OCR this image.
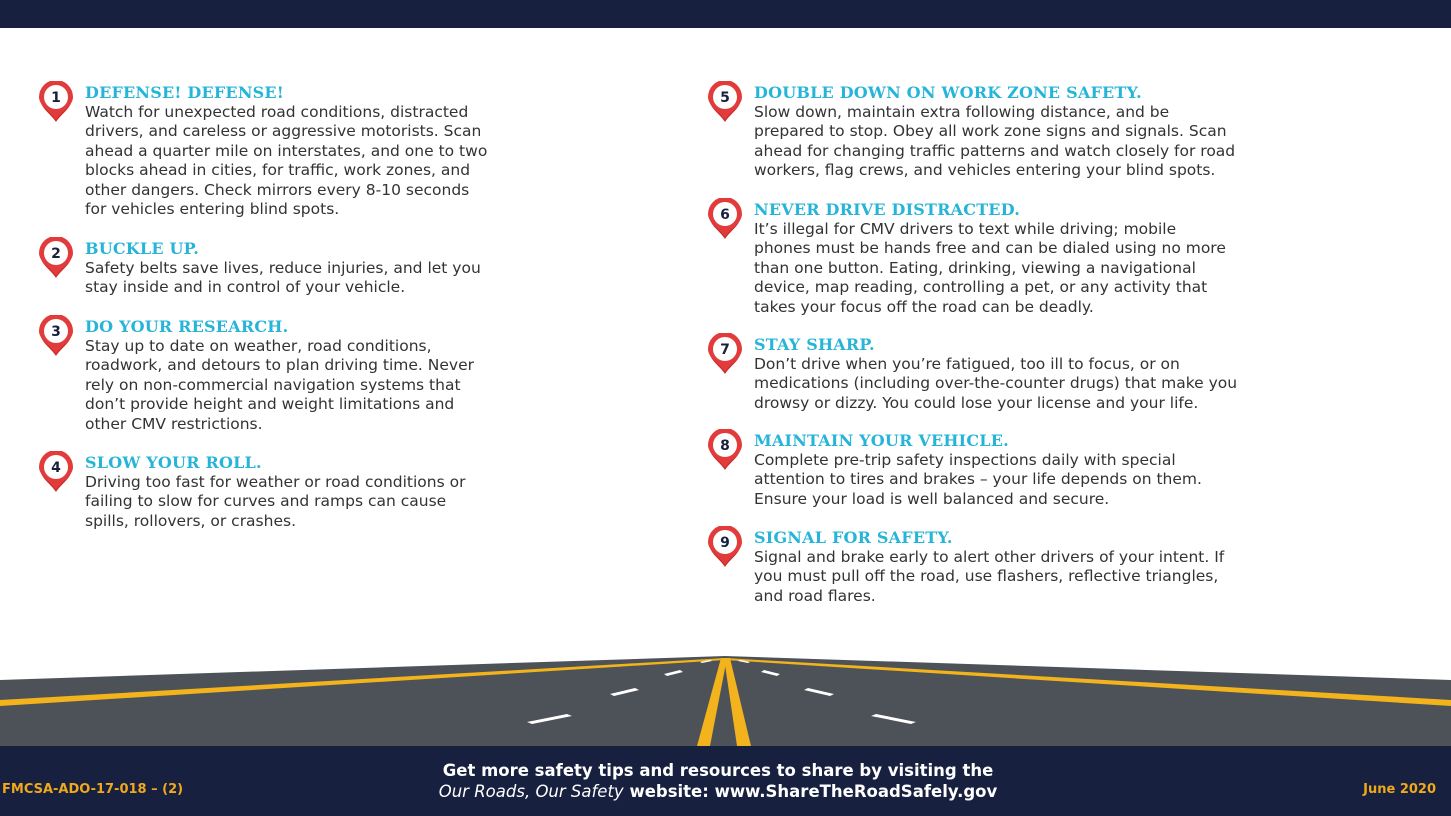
1 DEFENSE! DEFENSE!
Watch for unexpected road conditions, distracted
drivers, and careless or aggressive motorists. Scan
ahead a quarter mile on interstates, and one to two
blocks ahead in cities, for traffic, work zones, and
other dangers. Check mirrors every 8-10 seconds
for vehicles entering blind spots.
2 BUCKLE UP.
Safety belts save lives, reduce injuries, and let you
stay inside and in control of your vehicle.
3 DO YOUR RESEARCH.
Stay up to date on weather, road conditions,
roadwork, and detours to plan driving time. Never
rely on non-commercial navigation systems that
don’t provide height and weight limitations and
other CMV restrictions.
4 SLOW YOUR ROLL.
Driving too fast for weather or road conditions or
failing to slow for curves and ramps can cause
spills, rollovers, or crashes.
5 DOUBLE DOWN ON WORK ZONE SAFETY.
Slow down, maintain extra following distance, and be
prepared to stop. Obey all work zone signs and signals. Scan
ahead for changing traffic patterns and watch closely for road
workers, flag crews, and vehicles entering your blind spots.
6 NEVER DRIVE DISTRACTED.
It’s illegal for CMV drivers to text while driving; mobile
phones must be hands free and can be dialed using no more
than one button. Eating, drinking, viewing a navigational
device, map reading, controlling a pet, or any activity that
takes your focus off the road can be deadly.
7 STAY SHARP.
Don’t drive when you’re fatigued, too ill to focus, or on
medications (including over-the-counter drugs) that make you
drowsy or dizzy. You could lose your license and your life.
8 MAINTAIN YOUR VEHICLE.
Complete pre-trip safety inspections daily with special
attention to tires and brakes – your life depends on them.
Ensure your load is well balanced and secure.
9 SIGNAL FOR SAFETY.
Signal and brake early to alert other drivers of your intent. If
you must pull off the road, use flashers, reflective triangles,
and road flares.
FMCSA-ADO-17-018 – (2)
Get more safety tips and resources to share by visiting the
Our Roads, Our Safety website: www.ShareTheRoadSafely.gov	June 2020
